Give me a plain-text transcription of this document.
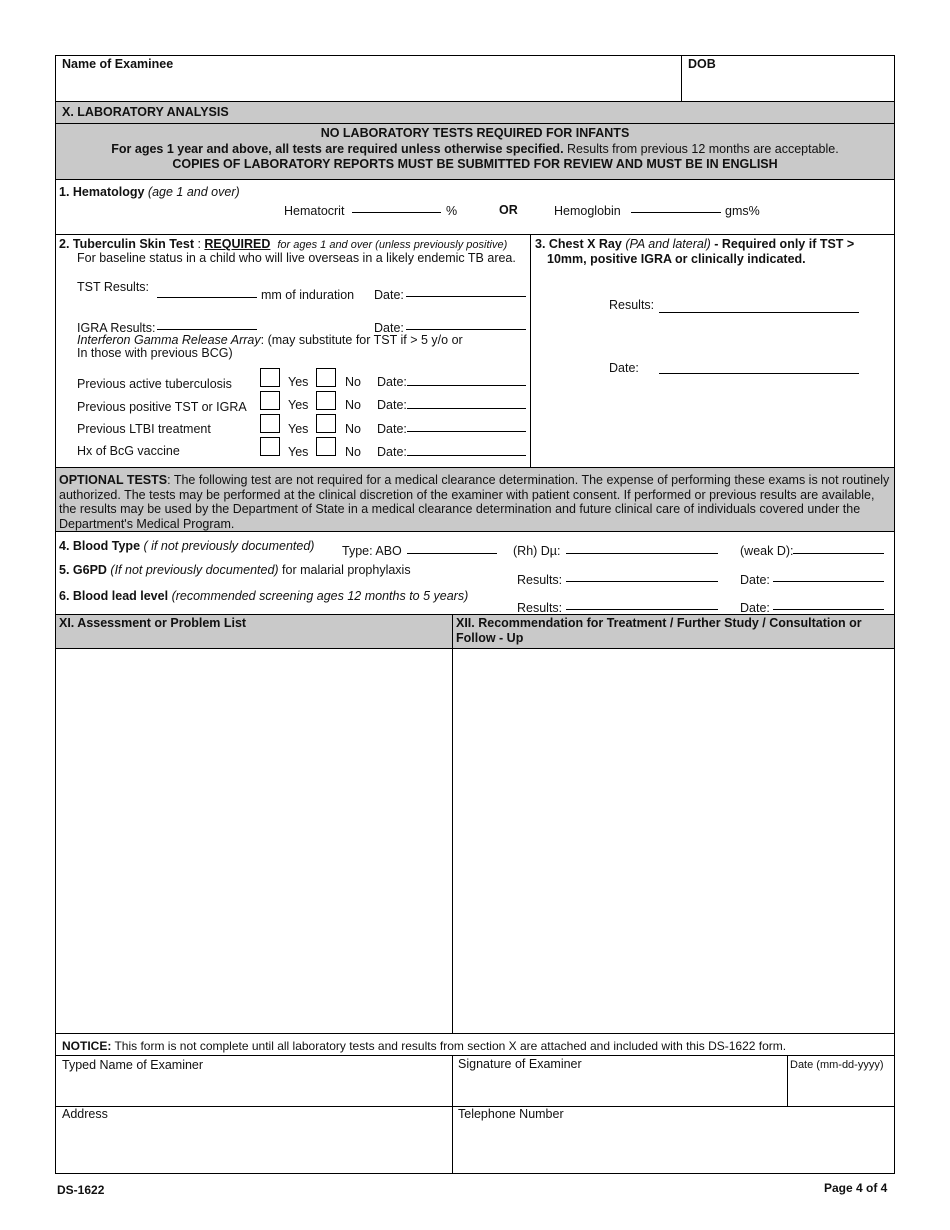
Name of Examinee	DOB
X. LABORATORY ANALYSIS
NO LABORATORY TESTS REQUIRED FOR INFANTS
For ages 1 year and above, all tests are required unless otherwise specified. Results from previous 12 months are acceptable.
COPIES OF LABORATORY REPORTS MUST BE SUBMITTED FOR REVIEW AND MUST BE IN ENGLISH
1. Hematology (age 1 and over)
Hematocrit	%	OR	Hemoglobin	gms%
2. Tuberculin Skin Test : REQUIRED for ages 1 and over (unless previously positive)
For baseline status in a child who will live overseas in a likely endemic TB area.
TST Results:
mm of induration Date:
IGRA Results:	Date:
Interferon Gamma Release Array: (may substitute for TST if > 5 y/o or
In those with previous BCG)
Previous active tuberculosis	Yes	No Date:
Previous positive TST or IGRA	Yes	No Date:
Previous LTBI treatment	Yes	No Date:
Hx of BcG vaccine	Yes	No Date:
3. Chest X Ray (PA and lateral) - Required only if TST >
10mm, positive IGRA or clinically indicated.
Results:
Date:
OPTIONAL TESTS: The following test are not required for a medical clearance determination. The expense of performing these exams is not routinely authorized. The tests may be performed at the clinical discretion of the examiner with patient consent. If performed or previous results are available, the results may be used by the Department of State in a medical clearance determination and future clinical care of individuals covered under the Department's Medical Program.
4. Blood Type ( if not previously documented) Type: ABO	(Rh) Dµ:	(weak D):
5. G6PD (If not previously documented) for malarial prophylaxis
Results:	Date:
6. Blood lead level (recommended screening ages 12 months to 5 years)
Results:	Date:
XI. Assessment or Problem List	XII. Recommendation for Treatment / Further Study / Consultation or
Follow - Up
NOTICE: This form is not complete until all laboratory tests and results from section X are attached and included with this DS-1622 form.
Typed Name of Examiner	Signature of Examiner	Date (mm-dd-yyyy)
Address	Telephone Number
DS-1622	Page 4 of 4
